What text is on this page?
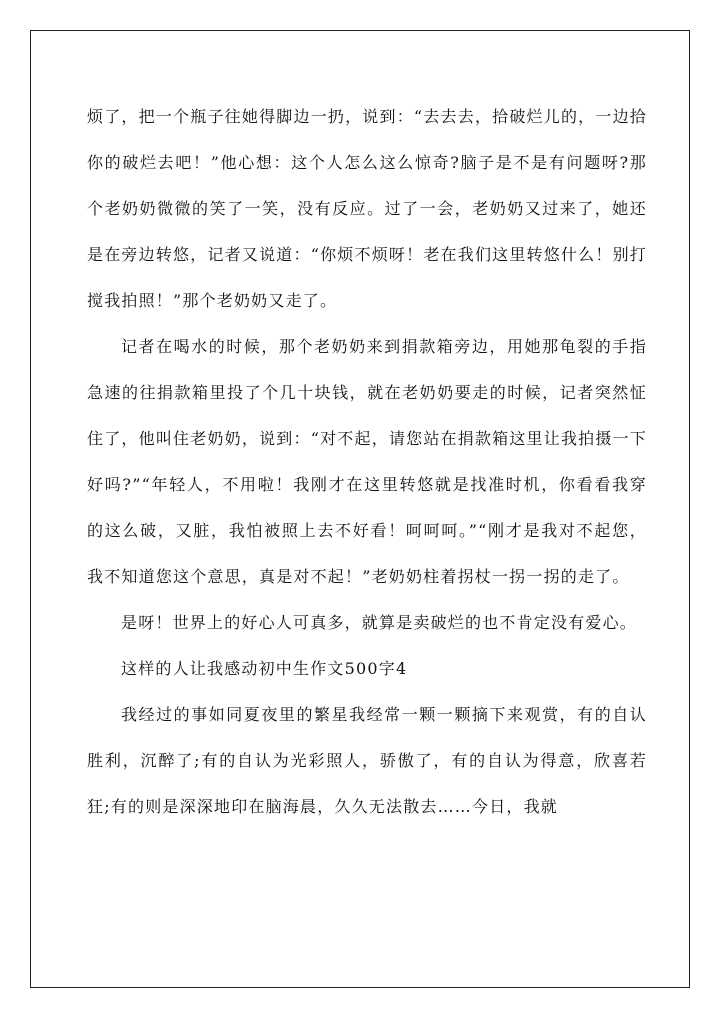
烦了，把一个瓶子往她得脚边一扔，说到：“去去去，拾破烂儿的，一边拾你的破烂去吧！”他心想：这个人怎么这么惊奇?脑子是不是有问题呀?那个老奶奶微微的笑了一笑，没有反应。过了一会，老奶奶又过来了，她还是在旁边转悠，记者又说道：“你烦不烦呀！老在我们这里转悠什么！别打搅我拍照！”那个老奶奶又走了。

记者在喝水的时候，那个老奶奶来到捐款箱旁边，用她那龟裂的手指急速的往捐款箱里投了个几十块钱，就在老奶奶要走的时候，记者突然怔住了，他叫住老奶奶，说到：“对不起，请您站在捐款箱这里让我拍摄一下好吗?”“年轻人，不用啦！我刚才在这里转悠就是找准时机，你看看我穿的这么破，又脏，我怕被照上去不好看！呵呵呵。”“刚才是我对不起您，我不知道您这个意思，真是对不起！”老奶奶柱着拐杖一拐一拐的走了。

是呀！世界上的好心人可真多，就算是卖破烂的也不肯定没有爱心。

这样的人让我感动初中生作文500字4

我经过的事如同夏夜里的繁星我经常一颗一颗摘下来观赏，有的自认胜利，沉醉了;有的自认为光彩照人，骄傲了，有的自认为得意，欣喜若狂;有的则是深深地印在脑海晨，久久无法散去……今日，我就
